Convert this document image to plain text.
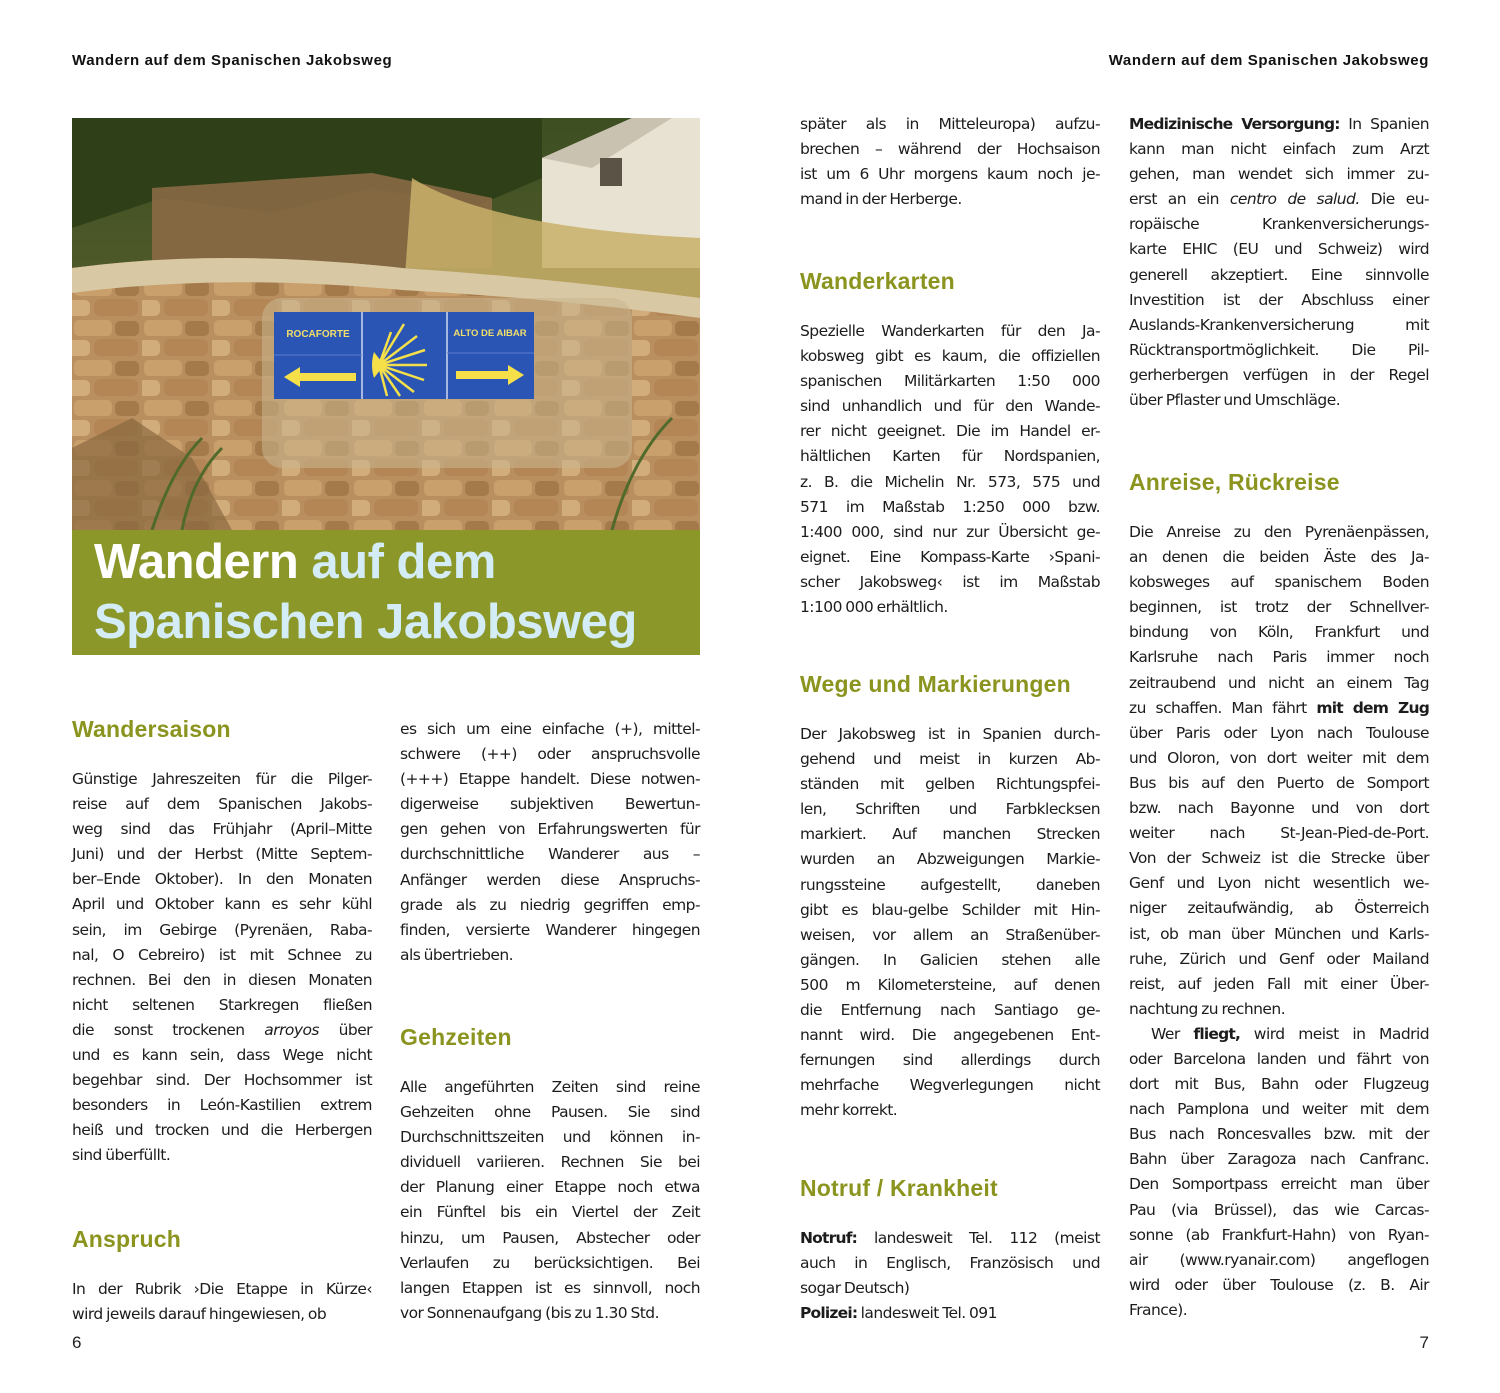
Wandern auf dem Spanischen Jakobsweg	Wandern auf dem Spanischen Jakobsweg
ROCAFORTE	ALTO DE AIBAR
Wandern auf dem
Spanischen Jakobsweg
Wandersaison
Günstige Jahreszeiten für die Pilger-
reise auf dem Spanischen Jakobs-
weg sind das Frühjahr (April–Mitte
Juni) und der Herbst (Mitte Septem-
ber–Ende Oktober). In den Monaten
April und Oktober kann es sehr kühl
sein, im Gebirge (Pyrenäen, Raba-
nal, O Cebreiro) ist mit Schnee zu
rechnen. Bei den in diesen Monaten
nicht seltenen Starkregen fließen
die sonst trockenen arroyos über
und es kann sein, dass Wege nicht
begehbar sind. Der Hochsommer ist
besonders in León-Kastilien extrem
heiß und trocken und die Herbergen
sind überfüllt.
Anspruch
In der Rubrik ›Die Etappe in Kürze‹
wird jeweils darauf hingewiesen, ob
es sich um eine einfache (+), mittel-
schwere (++) oder anspruchsvolle
(+++) Etappe handelt. Diese notwen-
digerweise subjektiven Bewertun-
gen gehen von Erfahrungswerten für
durchschnittliche Wanderer aus –
Anfänger werden diese Anspruchs-
grade als zu niedrig gegriffen emp-
finden, versierte Wanderer hingegen
als übertrieben.
Gehzeiten
Alle angeführten Zeiten sind reine
Gehzeiten ohne Pausen. Sie sind
Durchschnittszeiten und können in-
dividuell variieren. Rechnen Sie bei
der Planung einer Etappe noch etwa
ein Fünftel bis ein Viertel der Zeit
hinzu, um Pausen, Abstecher oder
Verlaufen zu berücksichtigen. Bei
langen Etappen ist es sinnvoll, noch
vor Sonnenaufgang (bis zu 1.30 Std.
später als in Mitteleuropa) aufzu-
brechen – während der Hochsaison
ist um 6 Uhr morgens kaum noch je-
mand in der Herberge.
Wanderkarten
Spezielle Wanderkarten für den Ja-
kobsweg gibt es kaum, die offiziellen
spanischen Militärkarten 1:50 000
sind unhandlich und für den Wande-
rer nicht geeignet. Die im Handel er-
hältlichen Karten für Nordspanien,
z. B. die Michelin Nr. 573, 575 und
571 im Maßstab 1:250 000 bzw.
1:400 000, sind nur zur Übersicht ge-
eignet. Eine Kompass-Karte ›Spani-
scher Jakobsweg‹ ist im Maßstab
1:100 000 erhältlich.
Wege und Markierungen
Der Jakobsweg ist in Spanien durch-
gehend und meist in kurzen Ab-
ständen mit gelben Richtungspfei-
len, Schriften und Farbklecksen
markiert. Auf manchen Strecken
wurden an Abzweigungen Markie-
rungssteine aufgestellt, daneben
gibt es blau-gelbe Schilder mit Hin-
weisen, vor allem an Straßenüber-
gängen. In Galicien stehen alle
500 m Kilometersteine, auf denen
die Entfernung nach Santiago ge-
nannt wird. Die angegebenen Ent-
fernungen sind allerdings durch
mehrfache Wegverlegungen nicht
mehr korrekt.
Notruf / Krankheit
Notruf: landesweit Tel. 112 (meist
auch in Englisch, Französisch und
sogar Deutsch)
Polizei: landesweit Tel. 091
Medizinische Versorgung: In Spanien
kann man nicht einfach zum Arzt
gehen, man wendet sich immer zu-
erst an ein centro de salud. Die eu-
ropäische Krankenversicherungs-
karte EHIC (EU und Schweiz) wird
generell akzeptiert. Eine sinnvolle
Investition ist der Abschluss einer
Auslands-Krankenversicherung mit
Rücktransportmöglichkeit. Die Pil-
gerherbergen verfügen in der Regel
über Pflaster und Umschläge.
Anreise, Rückreise
Die Anreise zu den Pyrenäenpässen,
an denen die beiden Äste des Ja-
kobsweges auf spanischem Boden
beginnen, ist trotz der Schnellver-
bindung von Köln, Frankfurt und
Karlsruhe nach Paris immer noch
zeitraubend und nicht an einem Tag
zu schaffen. Man fährt mit dem Zug
über Paris oder Lyon nach Toulouse
und Oloron, von dort weiter mit dem
Bus bis auf den Puerto de Somport
bzw. nach Bayonne und von dort
weiter nach St-Jean-Pied-de-Port.
Von der Schweiz ist die Strecke über
Genf und Lyon nicht wesentlich we-
niger zeitaufwändig, ab Österreich
ist, ob man über München und Karls-
ruhe, Zürich und Genf oder Mailand
reist, auf jeden Fall mit einer Über-
nachtung zu rechnen.
Wer fliegt, wird meist in Madrid
oder Barcelona landen und fährt von
dort mit Bus, Bahn oder Flugzeug
nach Pamplona und weiter mit dem
Bus nach Roncesvalles bzw. mit der
Bahn über Zaragoza nach Canfranc.
Den Somportpass erreicht man über
Pau (via Brüssel), das wie Carcas-
sonne (ab Frankfurt-Hahn) von Ryan-
air (www.ryanair.com) angeflogen
wird oder über Toulouse (z. B. Air
France).
6	7
